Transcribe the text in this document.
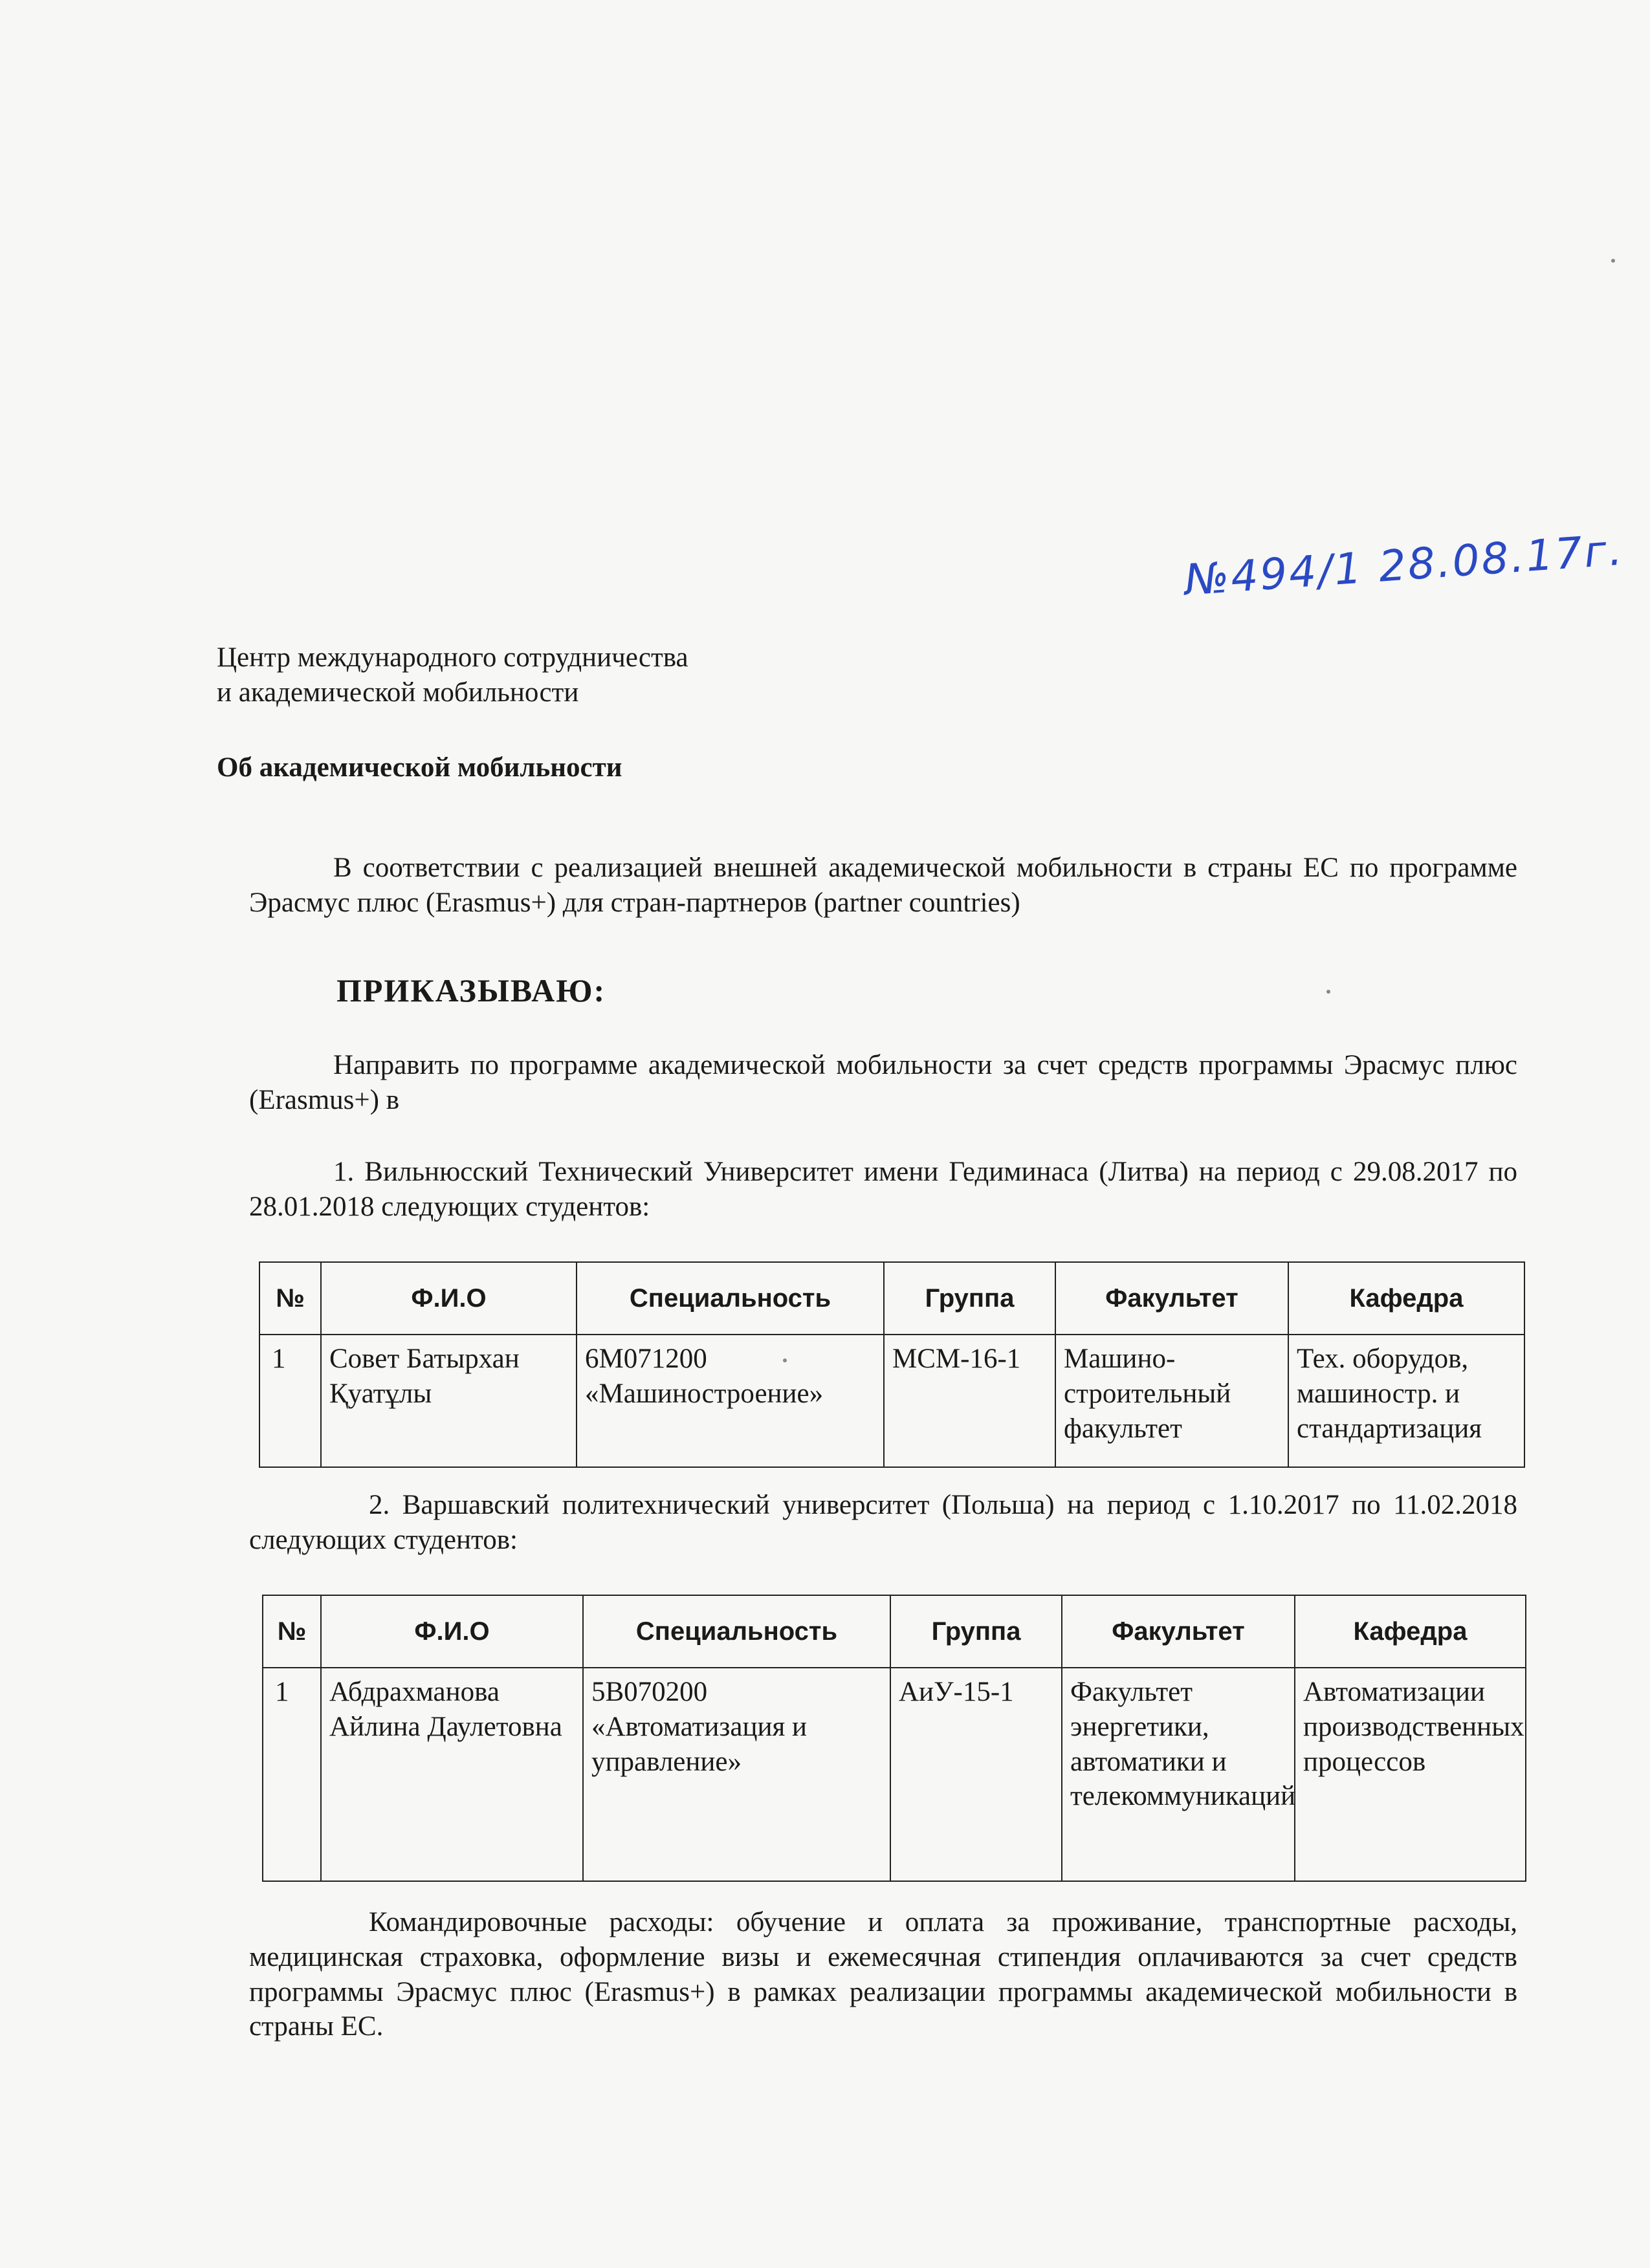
№494/1 28.08.17г.
Центр международного сотрудничества
и академической мобильности
Об академической мобильности
В соответствии с реализацией внешней академической мобильности в страны ЕС по программе Эрасмус плюс (Erasmus+) для стран-партнеров (partner countries)
ПРИКАЗЫВАЮ:
Направить по программе академической мобильности за счет средств программы Эрасмус плюс (Erasmus+) в
1. Вильнюсский Технический Университет имени Гедиминаса (Литва) на период с 29.08.2017 по 28.01.2018 следующих студентов:
№	Ф.И.О	Специальность	Группа	Факультет	Кафедра
1	Совет Батырхан Қуатұлы	6М071200 «Машиностроение»	МСМ-16-1	Машино-строительный факультет	Тех. оборудов, машиностр. и стандартизация
2. Варшавский политехнический университет (Польша) на период с 1.10.2017 по 11.02.2018 следующих студентов:
№	Ф.И.О	Специальность	Группа	Факультет	Кафедра
1	Абдрахманова Айлина Даулетовна	5В070200 «Автоматизация и управление»	АиУ-15-1	Факультет энергетики, автоматики и телекоммуникаций	Автоматизации производственных процессов
Командировочные расходы: обучение и оплата за проживание, транспортные расходы, медицинская страховка, оформление визы и ежемесячная стипендия оплачиваются за счет средств программы Эрасмус плюс (Erasmus+) в рамках реализации программы академической мобильности в страны ЕС.
